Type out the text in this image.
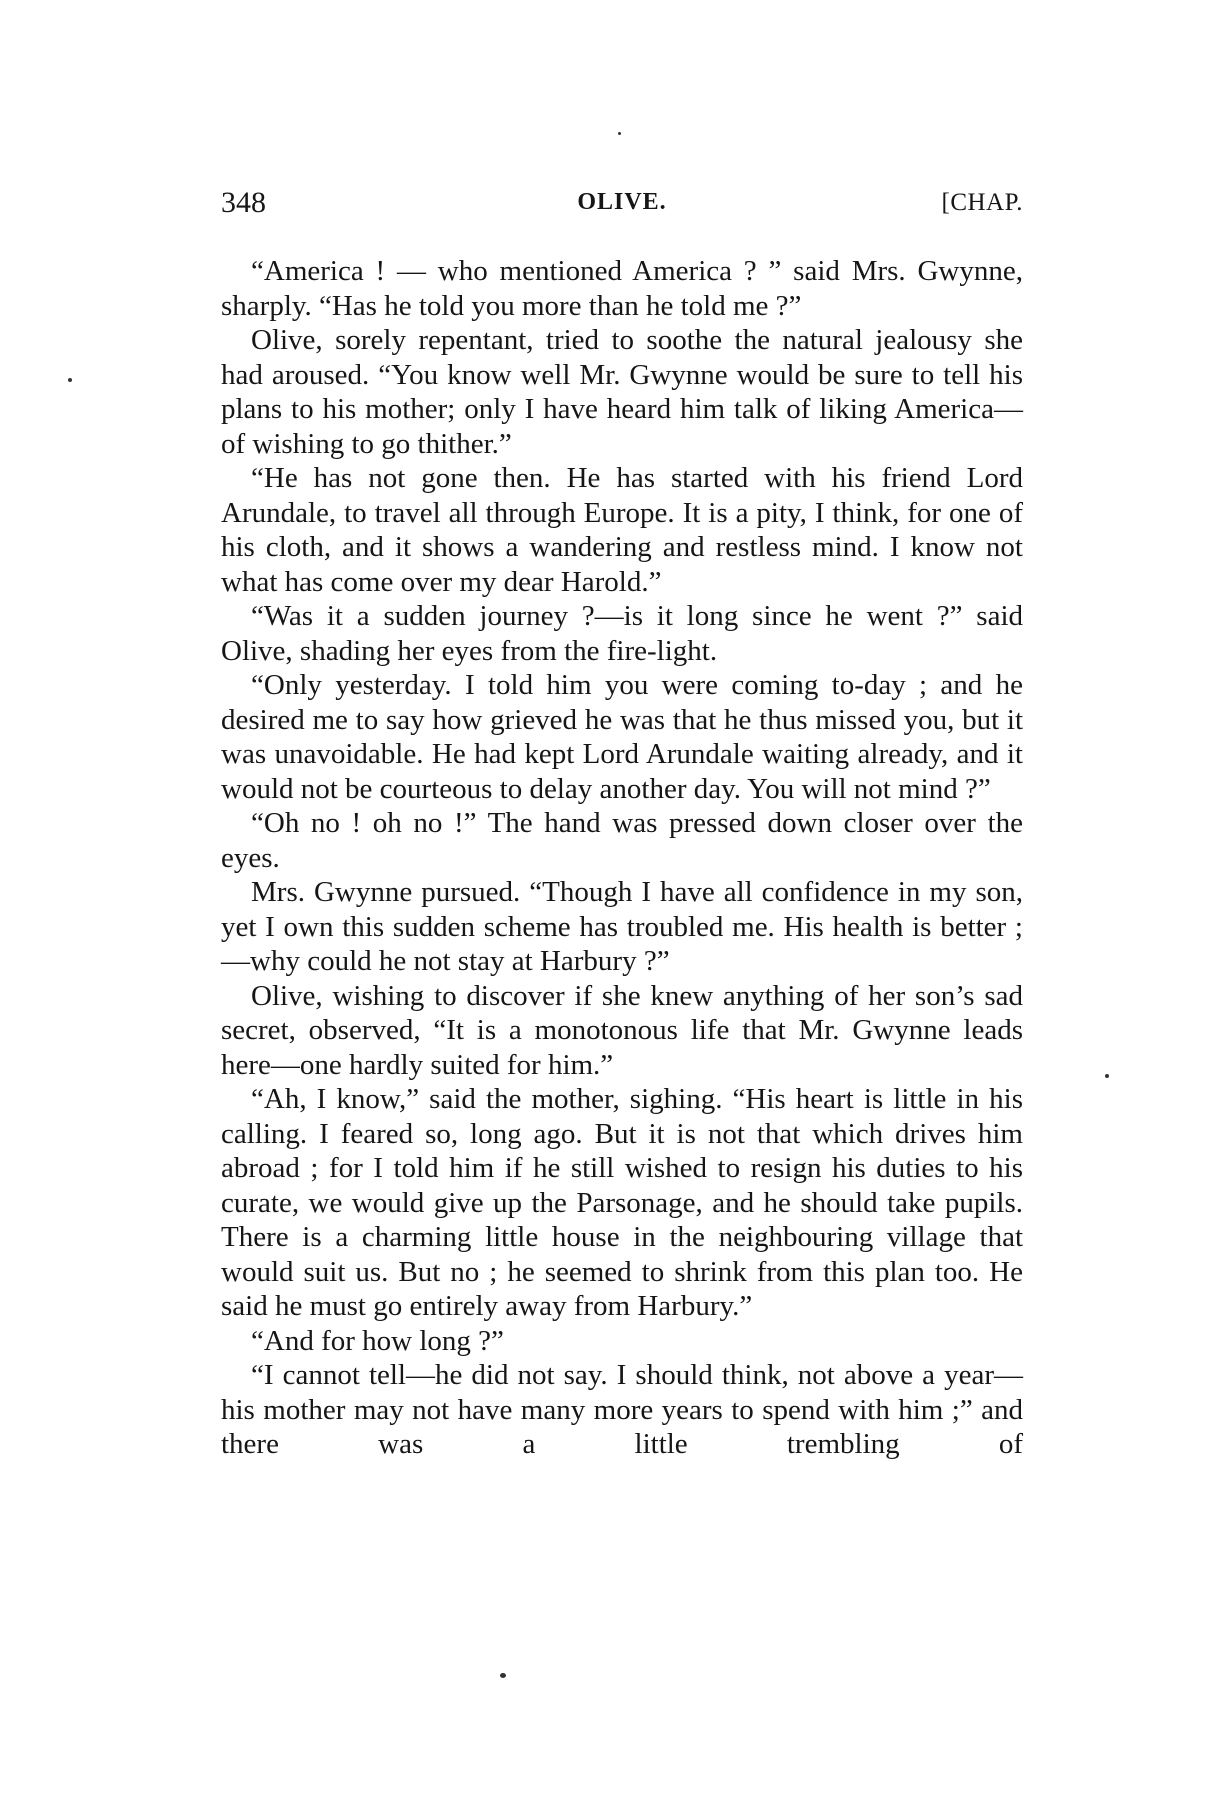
348	OLIVE.	[CHAP.

“America ! — who mentioned America ? ” said Mrs. Gwynne, sharply. “Has he told you more than he told me ?”

Olive, sorely repentant, tried to soothe the natural jealousy she had aroused. “You know well Mr. Gwynne would be sure to tell his plans to his mother; only I have heard him talk of liking America—of wishing to go thither.”

“He has not gone then. He has started with his friend Lord Arundale, to travel all through Europe. It is a pity, I think, for one of his cloth, and it shows a wandering and restless mind. I know not what has come over my dear Harold.”

“Was it a sudden journey ?—is it long since he went ?” said Olive, shading her eyes from the fire-light.

“Only yesterday. I told him you were coming to-day ; and he desired me to say how grieved he was that he thus missed you, but it was unavoidable. He had kept Lord Arundale waiting already, and it would not be courteous to delay another day. You will not mind ?”

“Oh no ! oh no !” The hand was pressed down closer over the eyes.

Mrs. Gwynne pursued. “Though I have all confidence in my son, yet I own this sudden scheme has troubled me. His health is better ;—why could he not stay at Harbury ?”

Olive, wishing to discover if she knew anything of her son’s sad secret, observed, “It is a monotonous life that Mr. Gwynne leads here—one hardly suited for him.”

“Ah, I know,” said the mother, sighing. “His heart is little in his calling. I feared so, long ago. But it is not that which drives him abroad ; for I told him if he still wished to resign his duties to his curate, we would give up the Parsonage, and he should take pupils. There is a charming little house in the neighbouring village that would suit us. But no ; he seemed to shrink from this plan too. He said he must go entirely away from Harbury.”

“And for how long ?”

“I cannot tell—he did not say. I should think, not above a year—his mother may not have many more years to spend with him ;” and there was a little trembling of
